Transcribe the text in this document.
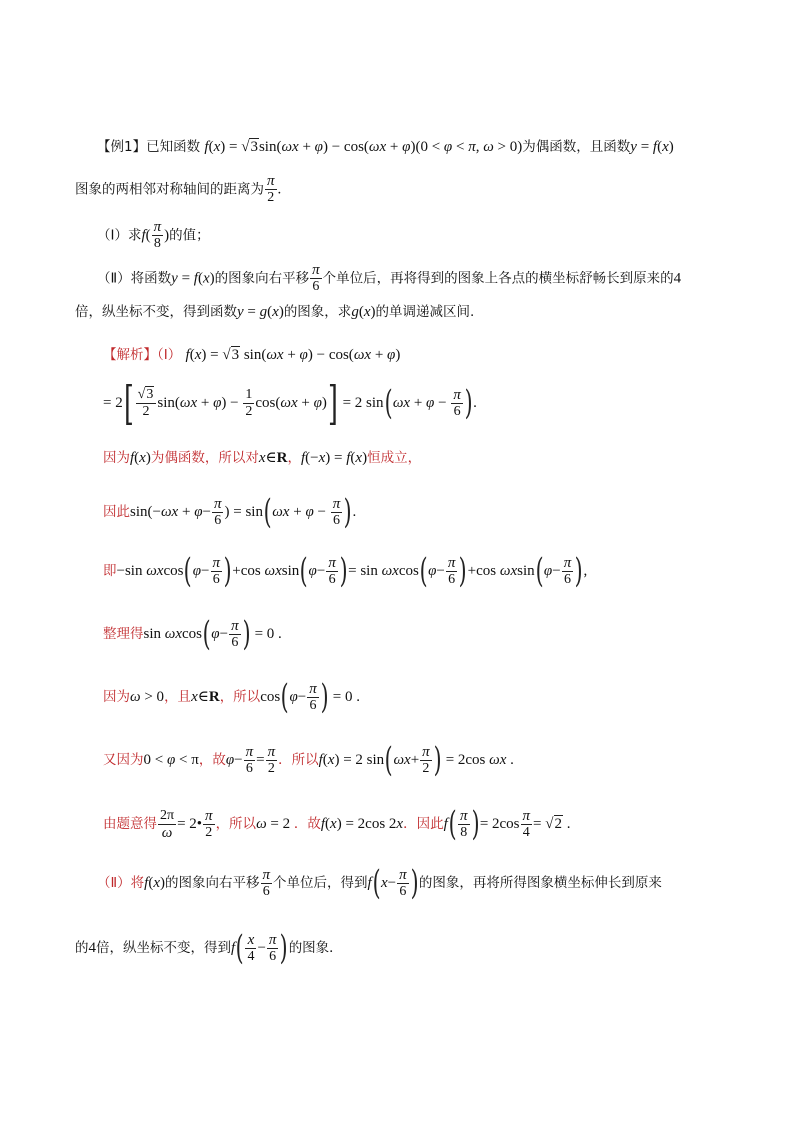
【例1】已知函数 f(x) = √3sin(ωx + φ) − cos(ωx + φ)(0 < φ < π, ω > 0)为偶函数，且函数y = f(x)
图象的两相邻对称轴间的距离为 $\frac{\pi}{2}$ .
（Ⅰ）求$f( \frac{\pi}{8}$ )的值；
（Ⅱ）将函数y = f(x)的图象向右平移 $\frac{\pi}{6}$ 个单位后，再将得到的图象上各点的横坐标舒畅长到原来的4
倍，纵坐标不变，得到函数y = g(x)的图象，求g(x)的单调递减区间.
【解析】（Ⅰ） f(x) = √3 sin(ωx + φ) − cos(ωx + φ)
= $2[ \frac{√3}{2} \sin(\omega x + \varphi) - \frac{1}{2} \cos(\omega x + \varphi)] = 2$ $\sin(\omega x + \varphi - \frac{\pi}{6}$ ).
因为f(x)为偶函数，所以对x∈R，f(−x) = f(x)恒成立，
因此$\sin(-\omega x + \varphi- \frac{\pi}{6}$ ) = $\sin(\omega x + \varphi - \frac{\pi}{6}$ ).
即−sin $\omega xcos(\varphi- \frac{\pi}{6} )+\cos$ $\omega xsin(\varphi- \frac{\pi}{6}$ )= $\sin \omega xcos(\varphi- \frac{\pi}{6} )+\cos$ $\omega xsin(\varphi- \frac{\pi}{6}$ ),
整理得$\sin \omega xcos(\varphi- \frac{\pi}{6}$ ) = 0 .
因为ω > 0，且x∈R，所以$\cos(\varphi- \frac{\pi}{6}$ ) = 0 .
又因为0 < φ < π，故$\varphi- \frac{\pi}{6} = \frac{\pi}{2}$ ．所以f(x) = 2 $\sin(\omega x+ \frac{\pi}{2}$ ) = 2cos ωx .
由题意得 $\frac{2\pi}{\omega}$ = 2• $\frac{\pi}{2}$ ，所以ω = 2 ．故f(x) = 2cos 2x．因此$f( \frac{\pi}{8}$ )= $2\cos \frac{\pi}{4} = √2$ .
（Ⅱ）将f(x)的图象向右平移 $\frac{\pi}{6}$ 个单位后，得到$f(x- \frac{\pi}{6}$ )的图象，再将所得图象横坐标伸长到原来
的4倍，纵坐标不变，得到$f( \frac{x}{4} - \frac{\pi}{6}$ )的图象．
